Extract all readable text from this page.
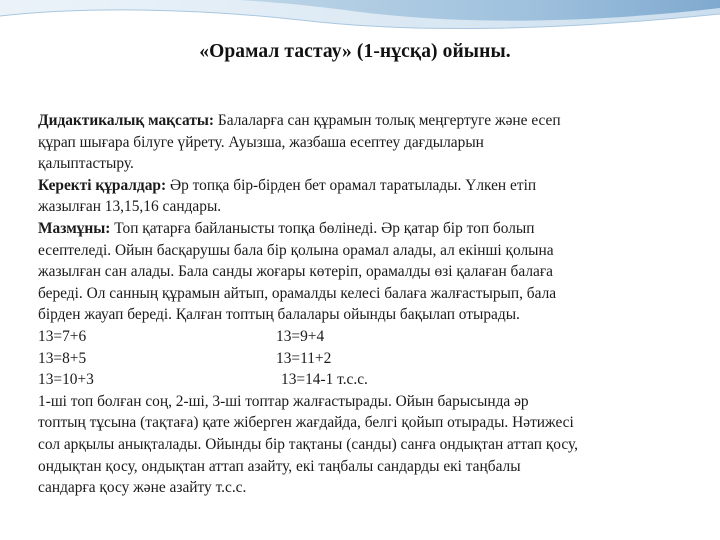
«Орамал тастау» (1-нұсқа) ойыны.
Дидактикалық мақсаты: Балаларға сан құрамын толық меңгертуге және есеп
құрап шығара білуге үйрету. Ауызша, жазбаша есептеу дағдыларын
қалыптастыру.
Керекті құралдар: Әр топқа бір-бірден бет орамал таратылады. Үлкен етіп
жазылған 13,15,16 сандары.
Мазмұны: Топ қатарға байланысты топқа бөлінеді. Әр қатар бір топ болып
есептеледі. Ойын басқарушы бала бір қолына орамал алады, ал екінші қолына
жазылған сан алады. Бала санды жоғары көтеріп, орамалды өзі қалаған балаға
береді. Ол санның құрамын айтып, орамалды келесі балаға жалғастырып, бала
бірден жауап береді. Қалған топтың балалары ойынды бақылап отырады.
13=7+6	13=9+4
13=8+5	13=11+2
13=10+3	13=14-1 т.с.с.
1-ші топ болған соң, 2-ші, 3-ші топтар жалғастырады. Ойын барысында әр
топтың тұсына (тақтаға) қате жіберген жағдайда, белгі қойып отырады. Нәтижесі
сол арқылы анықталады. Ойынды бір тақтаны (санды) санға ондықтан аттап қосу,
ондықтан қосу, ондықтан аттап азайту, екі таңбалы сандарды екі таңбалы
сандарға қосу және азайту т.с.с.
